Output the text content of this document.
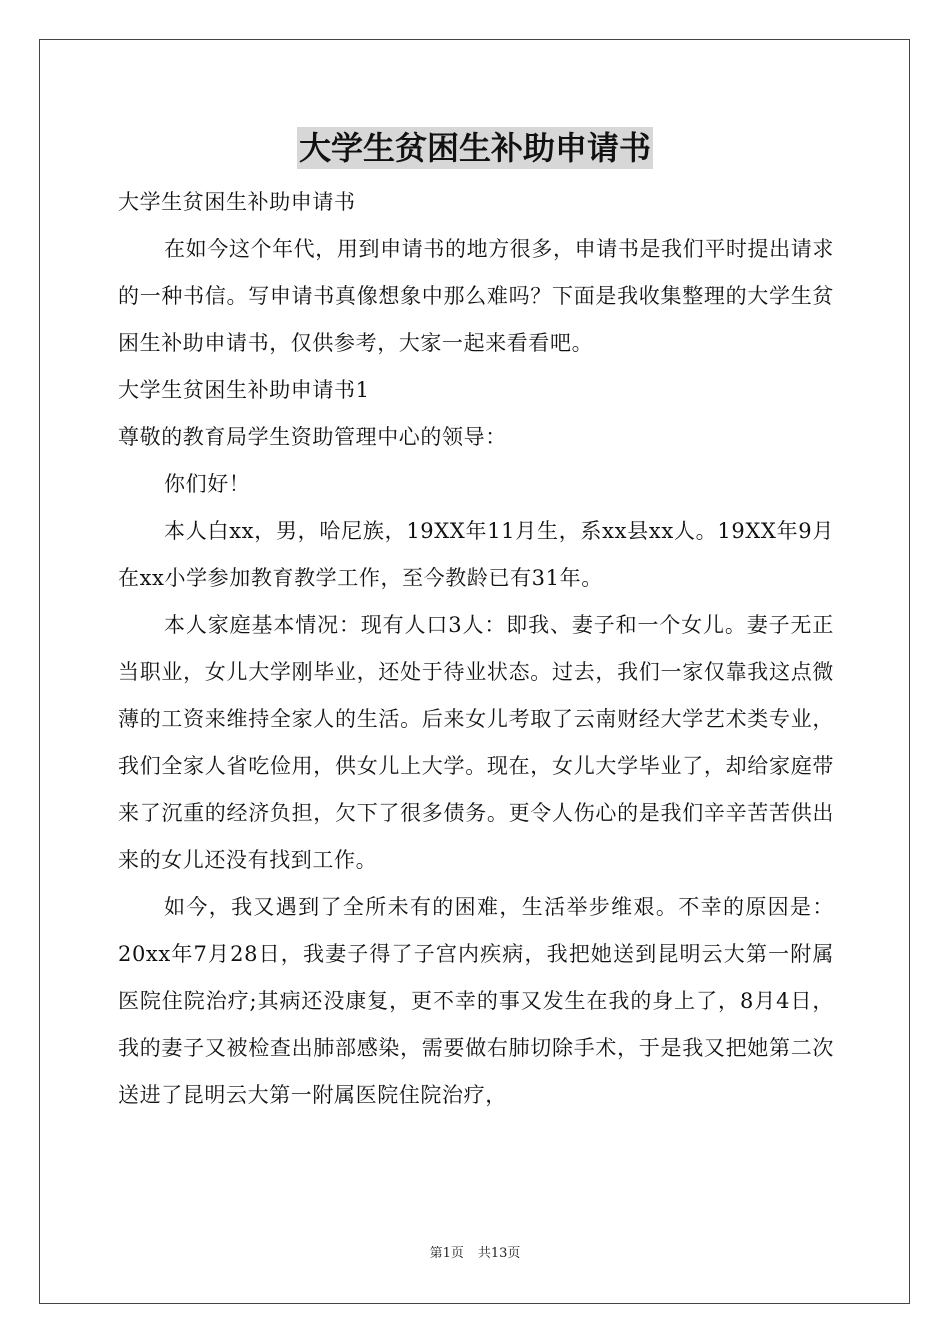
大学生贫困生补助申请书

大学生贫困生补助申请书

在如今这个年代，用到申请书的地方很多，申请书是我们平时提出请求的一种书信。写申请书真像想象中那么难吗？下面是我收集整理的大学生贫困生补助申请书，仅供参考，大家一起来看看吧。

大学生贫困生补助申请书1

尊敬的教育局学生资助管理中心的领导：

你们好！

本人白xx，男，哈尼族，19XX年11月生，系xx县xx人。19XX年9月在xx小学参加教育教学工作，至今教龄已有31年。

本人家庭基本情况：现有人口3人：即我、妻子和一个女儿。妻子无正当职业，女儿大学刚毕业，还处于待业状态。过去，我们一家仅靠我这点微薄的工资来维持全家人的生活。后来女儿考取了云南财经大学艺术类专业，我们全家人省吃俭用，供女儿上大学。现在，女儿大学毕业了，却给家庭带来了沉重的经济负担，欠下了很多债务。更令人伤心的是我们辛辛苦苦供出来的女儿还没有找到工作。

如今，我又遇到了全所未有的困难，生活举步维艰。不幸的原因是：20xx年7月28日，我妻子得了子宫内疾病，我把她送到昆明云大第一附属医院住院治疗;其病还没康复，更不幸的事又发生在我的身上了，8月4日，我的妻子又被检查出肺部感染，需要做右肺切除手术，于是我又把她第二次送进了昆明云大第一附属医院住院治疗，

第1页 共13页
